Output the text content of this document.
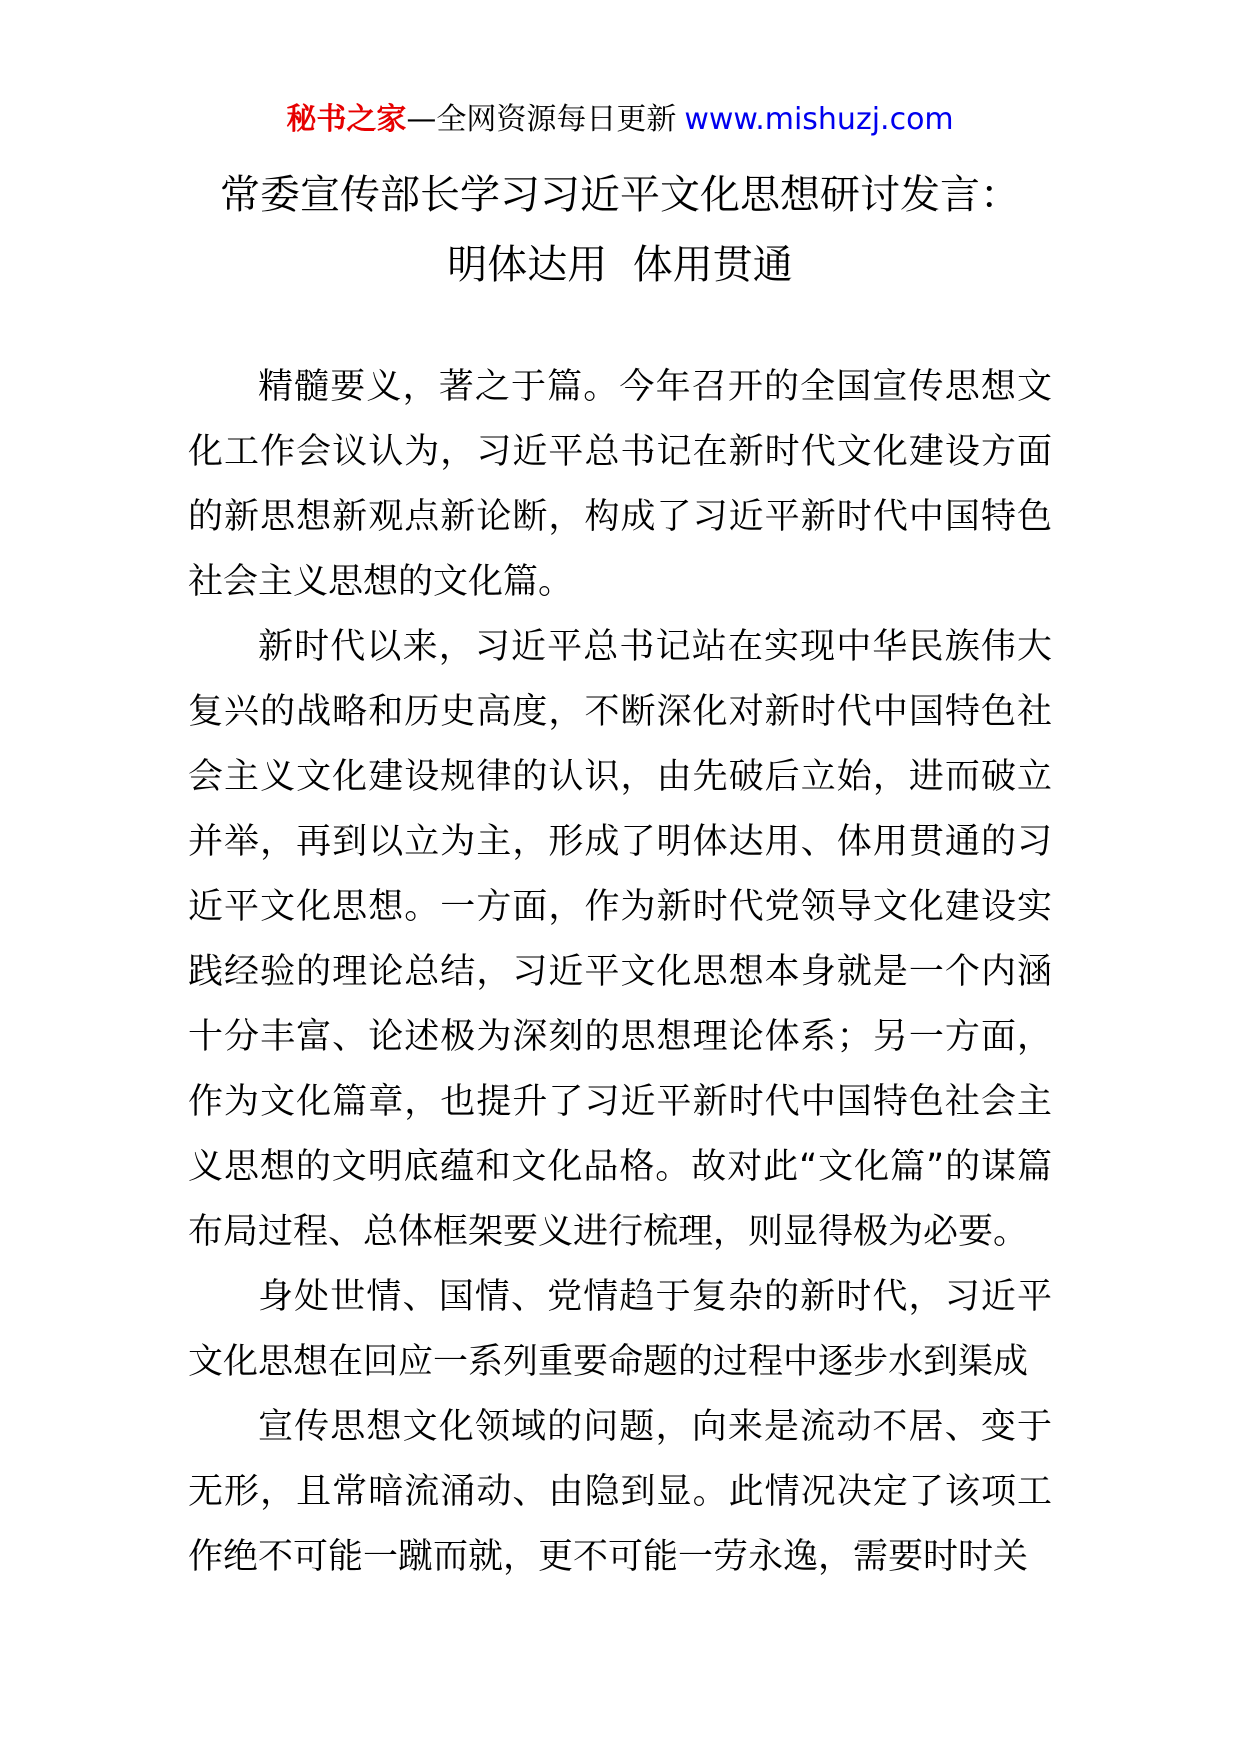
秘书之家—全网资源每日更新 www.mishuzj.com
常委宣传部长学习习近平文化思想研讨发言：
明体达用  体用贯通

精髓要义，著之于篇。今年召开的全国宣传思想文化工作会议认为，习近平总书记在新时代文化建设方面的新思想新观点新论断，构成了习近平新时代中国特色社会主义思想的文化篇。

新时代以来，习近平总书记站在实现中华民族伟大复兴的战略和历史高度，不断深化对新时代中国特色社会主义文化建设规律的认识，由先破后立始，进而破立并举，再到以立为主，形成了明体达用、体用贯通的习近平文化思想。一方面，作为新时代党领导文化建设实践经验的理论总结，习近平文化思想本身就是一个内涵十分丰富、论述极为深刻的思想理论体系；另一方面，作为文化篇章，也提升了习近平新时代中国特色社会主义思想的文明底蕴和文化品格。故对此“文化篇”的谋篇布局过程、总体框架要义进行梳理，则显得极为必要。

身处世情、国情、党情趋于复杂的新时代，习近平文化思想在回应一系列重要命题的过程中逐步水到渠成

宣传思想文化领域的问题，向来是流动不居、变于无形，且常暗流涌动、由隐到显。此情况决定了该项工作绝不可能一蹴而就，更不可能一劳永逸，需要时时关
